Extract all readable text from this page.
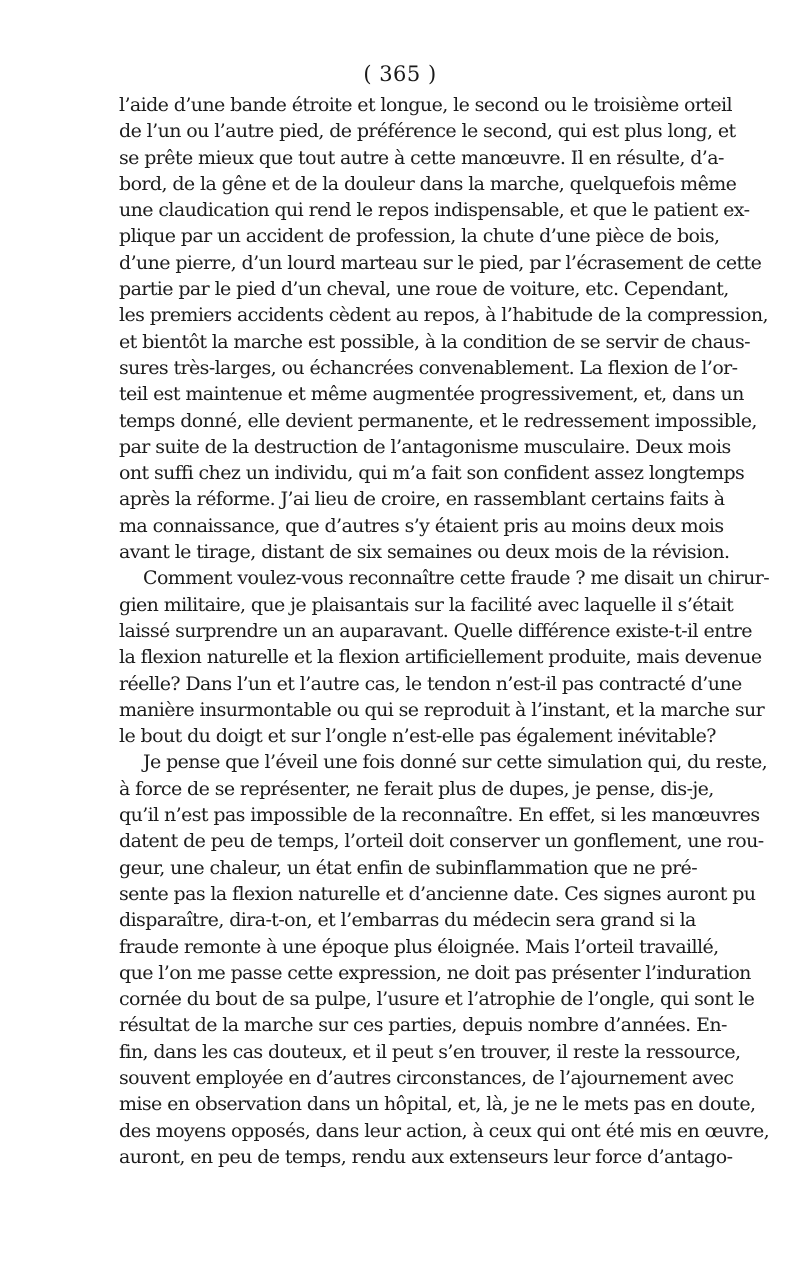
( 365 )
l’aide d’une bande étroite et longue, le second ou le troisième orteil
de l’un ou l’autre pied, de préférence le second, qui est plus long, et
se prête mieux que tout autre à cette manœuvre. Il en résulte, d’a-
bord, de la gêne et de la douleur dans la marche, quelquefois même
une claudication qui rend le repos indispensable, et que le patient ex-
plique par un accident de profession, la chute d’une pièce de bois,
d’une pierre, d’un lourd marteau sur le pied, par l’écrasement de cette
partie par le pied d’un cheval, une roue de voiture, etc. Cependant,
les premiers accidents cèdent au repos, à l’habitude de la compression,
et bientôt la marche est possible, à la condition de se servir de chaus-
sures très-larges, ou échancrées convenablement. La flexion de l’or-
teil est maintenue et même augmentée progressivement, et, dans un
temps donné, elle devient permanente, et le redressement impossible,
par suite de la destruction de l’antagonisme musculaire. Deux mois
ont suffi chez un individu, qui m’a fait son confident assez longtemps
après la réforme. J’ai lieu de croire, en rassemblant certains faits à
ma connaissance, que d’autres s’y étaient pris au moins deux mois
avant le tirage, distant de six semaines ou deux mois de la révision.
Comment voulez-vous reconnaître cette fraude ? me disait un chirur-
gien militaire, que je plaisantais sur la facilité avec laquelle il s’était
laissé surprendre un an auparavant. Quelle différence existe-t-il entre
la flexion naturelle et la flexion artificiellement produite, mais devenue
réelle? Dans l’un et l’autre cas, le tendon n’est-il pas contracté d’une
manière insurmontable ou qui se reproduit à l’instant, et la marche sur
le bout du doigt et sur l’ongle n’est-elle pas également inévitable?
Je pense que l’éveil une fois donné sur cette simulation qui, du reste,
à force de se représenter, ne ferait plus de dupes, je pense, dis-je,
qu’il n’est pas impossible de la reconnaître. En effet, si les manœuvres
datent de peu de temps, l’orteil doit conserver un gonflement, une rou-
geur, une chaleur, un état enfin de subinflammation que ne pré-
sente pas la flexion naturelle et d’ancienne date. Ces signes auront pu
disparaître, dira-t-on, et l’embarras du médecin sera grand si la
fraude remonte à une époque plus éloignée. Mais l’orteil travaillé,
que l’on me passe cette expression, ne doit pas présenter l’induration
cornée du bout de sa pulpe, l’usure et l’atrophie de l’ongle, qui sont le
résultat de la marche sur ces parties, depuis nombre d’années. En-
fin, dans les cas douteux, et il peut s’en trouver, il reste la ressource,
souvent employée en d’autres circonstances, de l’ajournement avec
mise en observation dans un hôpital, et, là, je ne le mets pas en doute,
des moyens opposés, dans leur action, à ceux qui ont été mis en œuvre,
auront, en peu de temps, rendu aux extenseurs leur force d’antago-
